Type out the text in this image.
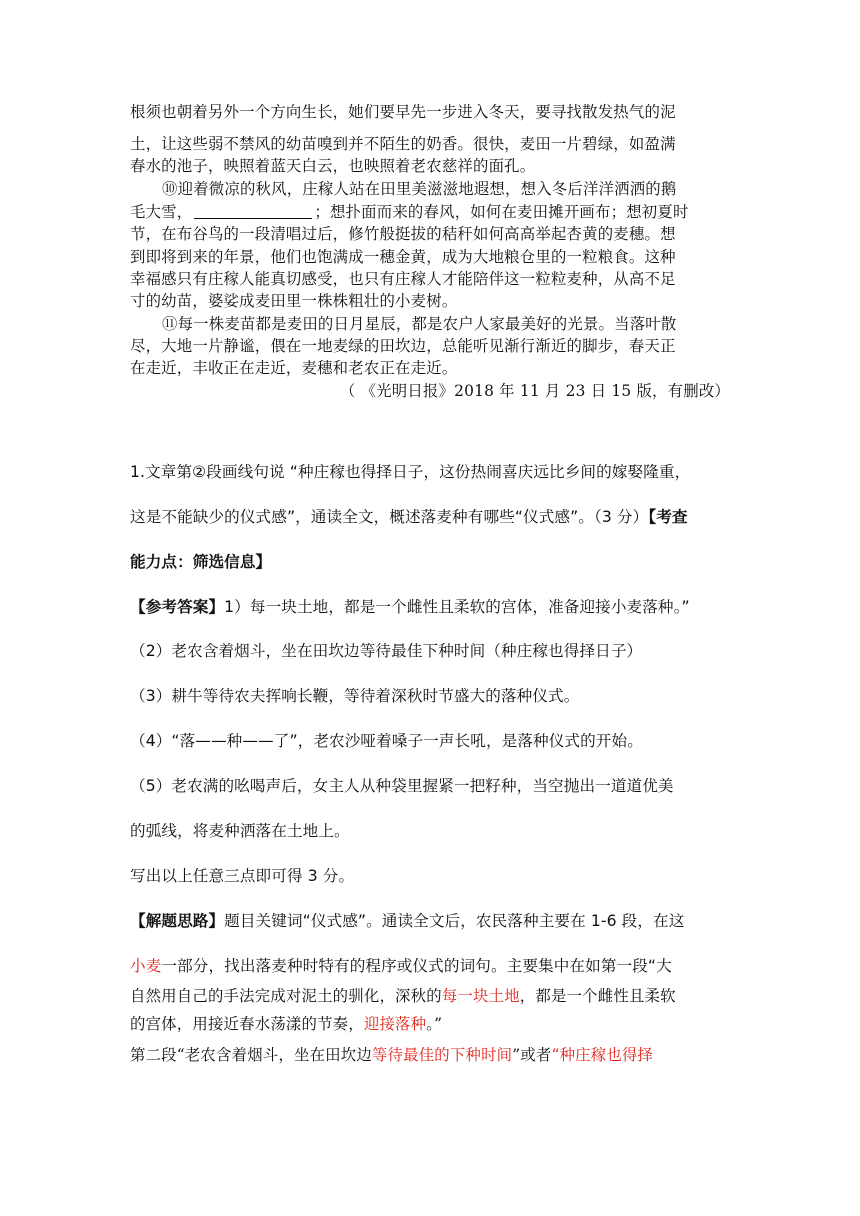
根须也朝着另外一个方向生长，她们要早先一步进入冬天，要寻找散发热气的泥
土，让这些弱不禁风的幼苗嗅到并不陌生的奶香。很快，麦田一片碧绿，如盈满
春水的池子，映照着蓝天白云，也映照着老农慈祥的面孔。
⑩迎着微凉的秋风，庄稼人站在田里美滋滋地遐想，想入冬后洋洋洒洒的鹅
毛大雪，	；想扑面而来的春风，如何在麦田摊开画布；想初夏时
节，在布谷鸟的一段清唱过后，修竹般挺拔的秸秆如何高高举起杏黄的麦穗。想
到即将到来的年景，他们也饱满成一穗金黄，成为大地粮仓里的一粒粮食。这种
幸福感只有庄稼人能真切感受，也只有庄稼人才能陪伴这一粒粒麦种，从高不足
寸的幼苗，婆娑成麦田里一株株粗壮的小麦树。
⑪每一株麦苗都是麦田的日月星辰，都是农户人家最美好的光景。当落叶散
尽，大地一片静谧，偎在一地麦绿的田坎边，总能听见渐行渐近的脚步，春天正
在走近，丰收正在走近，麦穗和老农正在走近。
（ 《光明日报》2018 年 11 月 23 日 15 版，有删改）
1.文章第②段画线句说 “种庄稼也得择日子，这份热闹喜庆远比乡间的嫁娶隆重，
这是不能缺少的仪式感”，通读全文，概述落麦种有哪些“仪式感”。（3 分）【考查
能力点：筛选信息】
【参考答案】1）每一块土地，都是一个雌性且柔软的宫体，准备迎接小麦落种。”
（2）老农含着烟斗，坐在田坎边等待最佳下种时间（种庄稼也得择日子）
（3）耕牛等待农夫挥响长鞭，等待着深秋时节盛大的落种仪式。
（4）“落——种——了”，老农沙哑着嗓子一声长吼，是落种仪式的开始。
（5）老农满的吆喝声后，女主人从种袋里握紧一把籽种，当空抛出一道道优美
的弧线，将麦种洒落在土地上。
写出以上任意三点即可得 3 分。
【解题思路】题目关键词“仪式感”。通读全文后，农民落种主要在 1-6 段，在这
小麦一部分，找出落麦种时特有的程序或仪式的词句。主要集中在如第一段“大
自然用自己的手法完成对泥土的驯化，深秋的每一块土地，都是一个雌性且柔软
的宫体，用接近春水荡漾的节奏，迎接落种。”
第二段“老农含着烟斗，坐在田坎边等待最佳的下种时间”或者“种庄稼也得择
